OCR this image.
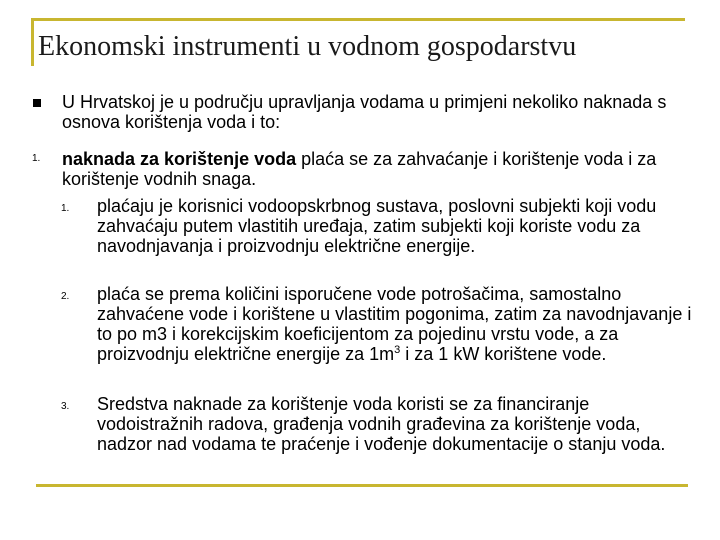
Ekonomski instrumenti u vodnom gospodarstvu
U Hrvatskoj je u području upravljanja vodama u primjeni nekoliko naknada s osnova korištenja voda i to:
1. naknada za korištenje voda plaća se za zahvaćanje i korištenje voda i za korištenje vodnih snaga.
1. plaćaju je korisnici vodoopskrbnog sustava, poslovni subjekti koji vodu zahvaćaju putem vlastitih uređaja, zatim subjekti koji koriste vodu za navodnjavanja i proizvodnju električne energije.
2. plaća se prema količini isporučene vode potrošačima, samostalno zahvaćene vode i korištene u vlastitim pogonima, zatim za navodnjavanje i to po m3 i korekcijskim koeficijentom za pojedinu vrstu vode, a za proizvodnju električne energije za $1m^3$ i za 1 kW korištene vode.
3. Sredstva naknade za korištenje voda koristi se za financiranje vodoistražnih radova, građenja vodnih građevina za korištenje voda, nadzor nad vodama te praćenje i vođenje dokumentacije o stanju voda.
